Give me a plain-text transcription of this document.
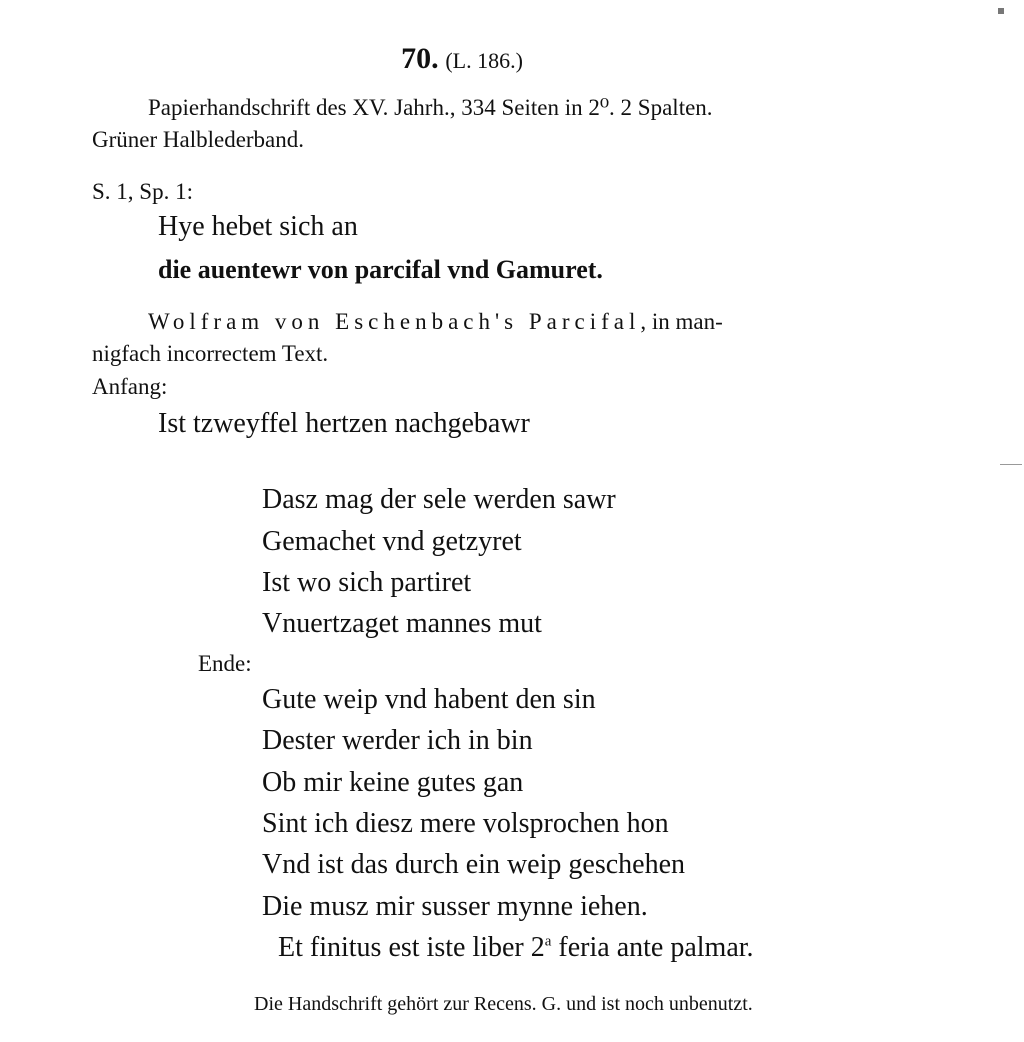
70. (L. 186.)
Papierhandschrift des XV. Jahrh., 334 Seiten in 2⁰. 2 Spalten.
Grüner Halblederband.
S. 1, Sp. 1:
Hye hebet sich an
die auentewr von parcifal vnd Gamuret.
Wolfram von Eschenbach's Parcifal, in man-
nigfach incorrectem Text.
Anfang:
Ist tzweyffel hertzen nachgebawr
Dasz mag der sele werden sawr
Gemachet vnd getzyret
Ist wo sich partiret
Vnuertzaget mannes mut
Ende:
Gute weip vnd habent den sin
Dester werder ich in bin
Ob mir keine gutes gan
Sint ich diesz mere volsprochen hon
Vnd ist das durch ein weip geschehen
Die musz mir susser mynne iehen.
Et finitus est iste liber 2$^a$ feria ante palmar.
Die Handschrift gehört zur Recens. G. und ist noch unbenutzt.
